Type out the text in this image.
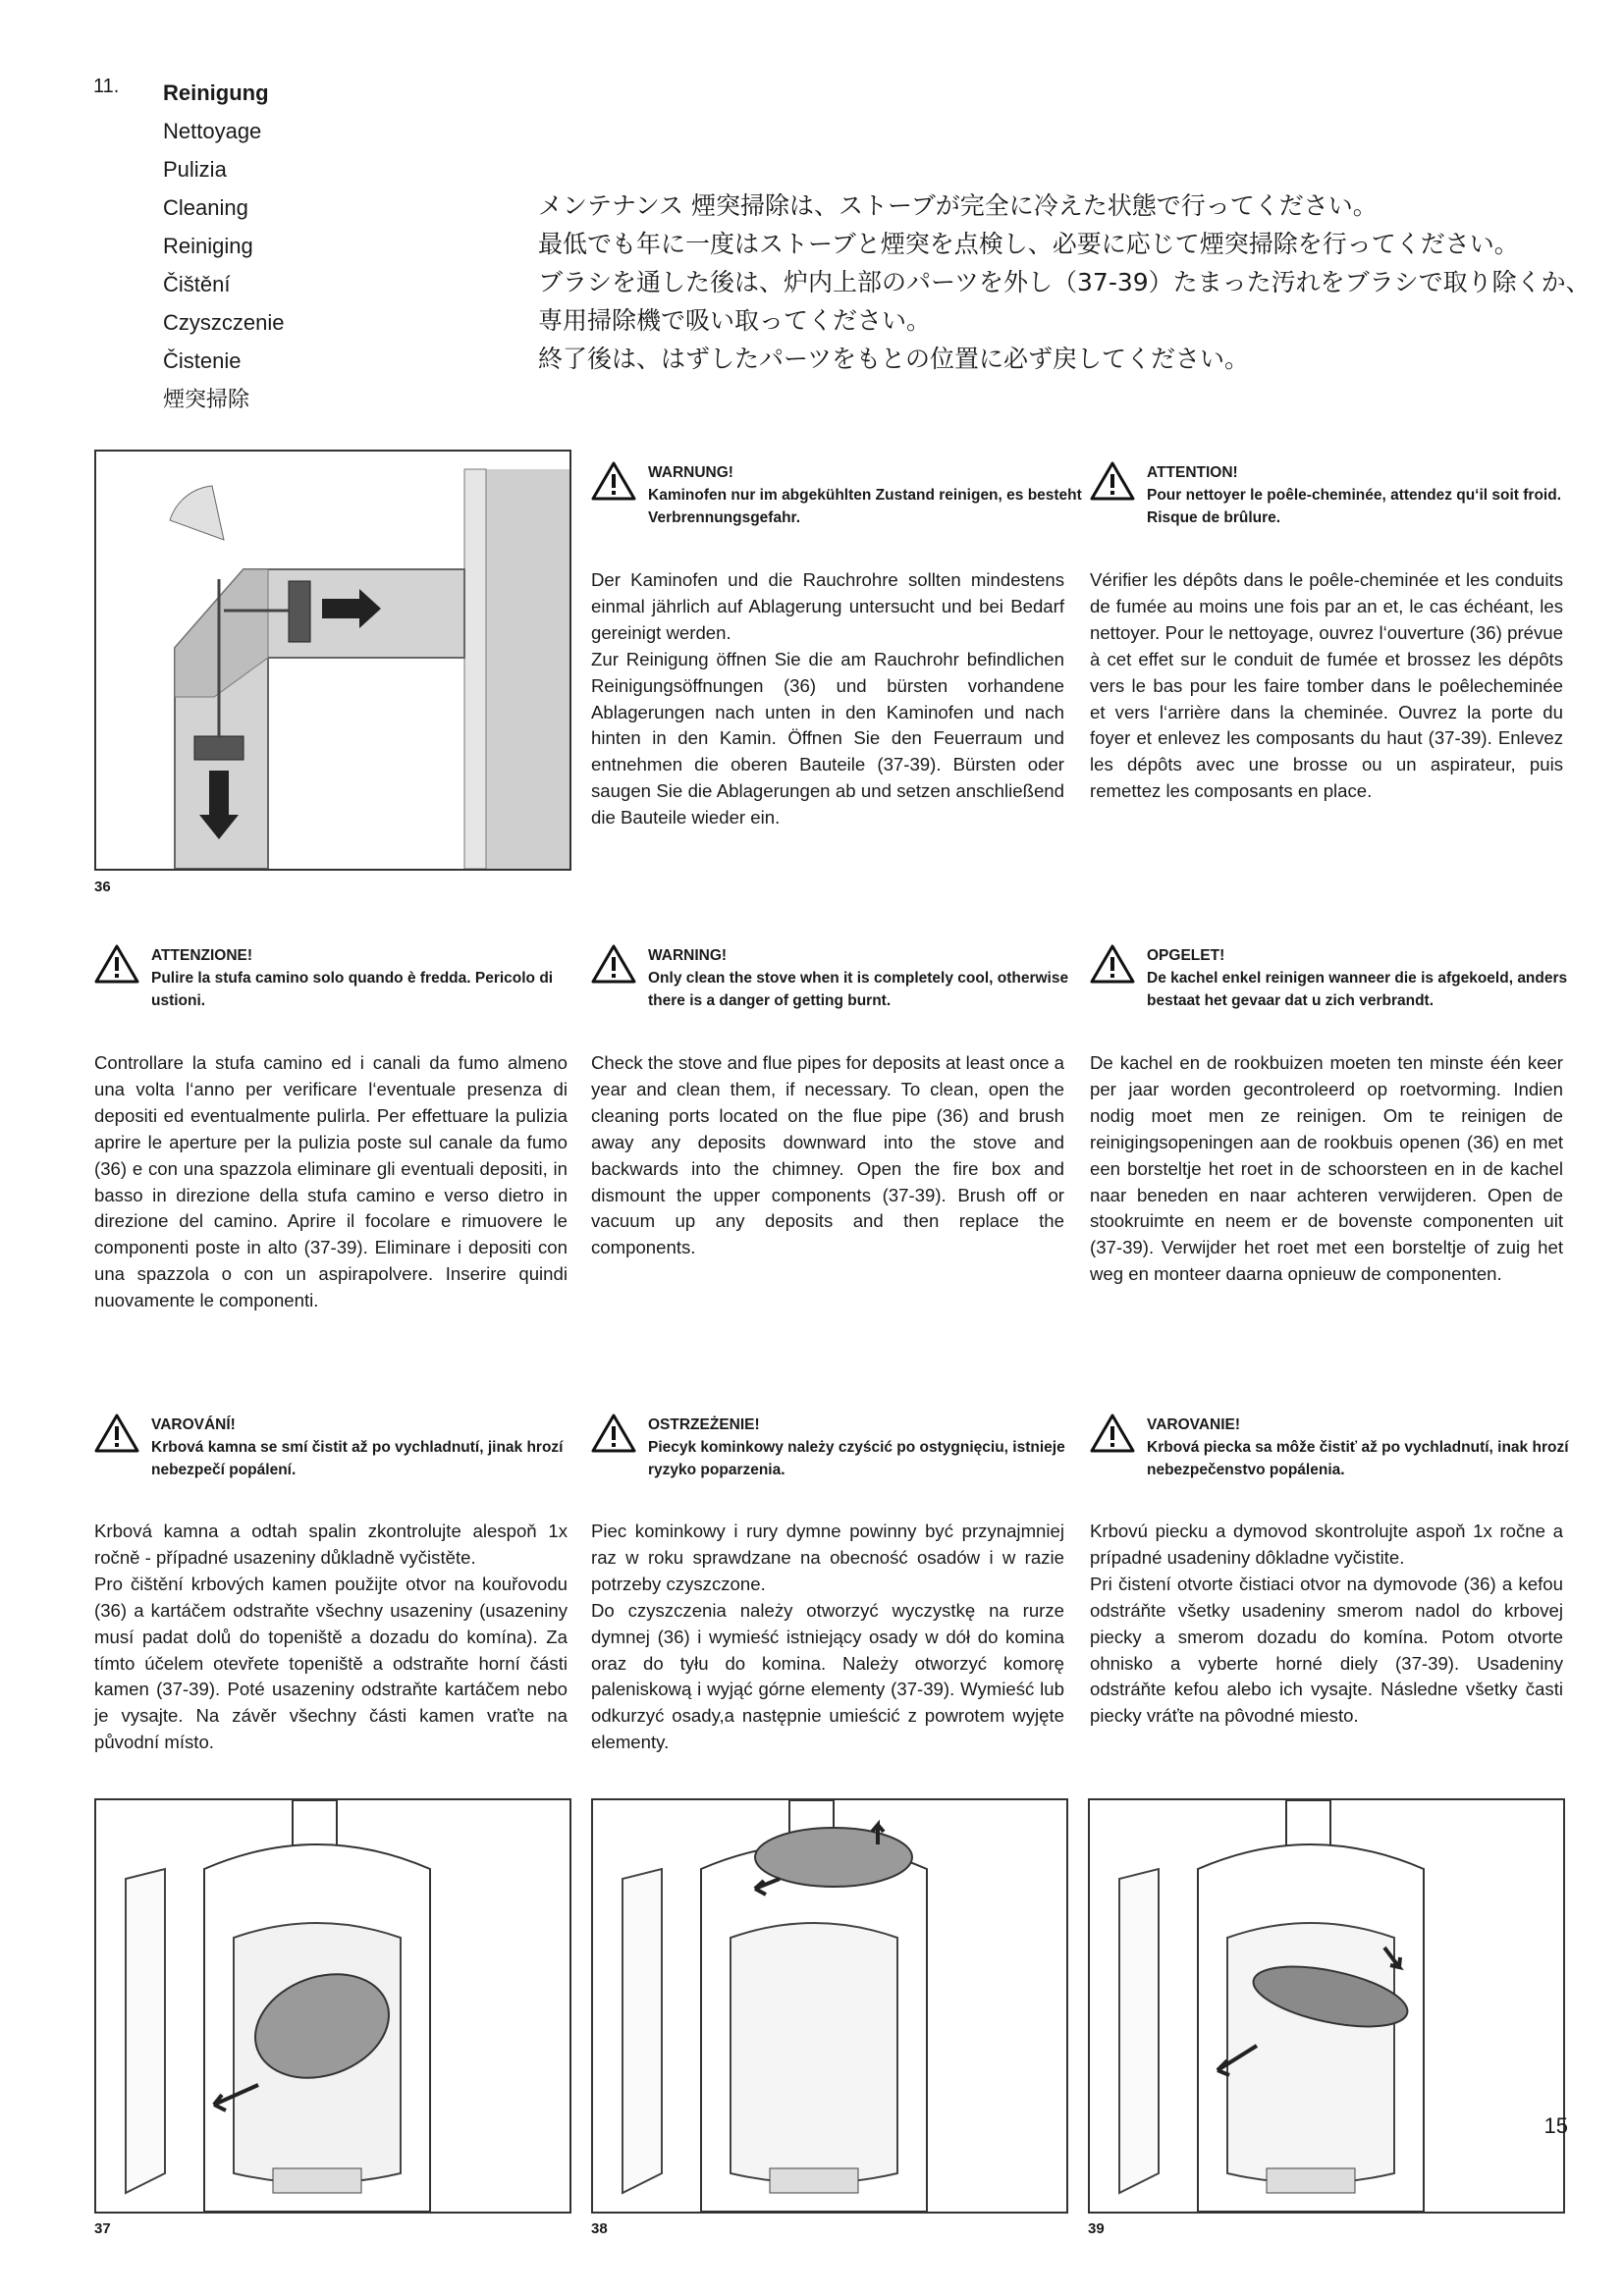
11. Reinigung
Nettoyage
Pulizia
Cleaning
Reiniging
Čištění
Czyszczenie
Čistenie
煙突掃除
メンテナンス 煙突掃除は、ストーブが完全に冷えた状態で行ってください。
最低でも年に一度はストーブと煙突を点検し、必要に応じて煙突掃除を行ってください。
ブラシを通した後は、炉内上部のパーツを外し（37-39）たまった汚れをブラシで取り除くか、
専用掃除機で吸い取ってください。
終了後は、はずしたパーツをもとの位置に必ず戻してください。
36
WARNUNG!
Kaminofen nur im abgekühlten Zustand reinigen, es besteht Verbrennungsgefahr.

Der Kaminofen und die Rauchrohre sollten mindestens einmal jährlich auf Ablagerung untersucht und bei Bedarf gereinigt werden.

Zur Reinigung öffnen Sie die am Rauchrohr befindlichen Reinigungsöffnungen (36) und bürsten vorhandene Ablagerungen nach unten in den Kaminofen und nach hinten in den Kamin. Öffnen Sie den Feuerraum und entnehmen die oberen Bauteile (37-39). Bürsten oder saugen Sie die Ablagerungen ab und setzen anschließend die Bauteile wieder ein.

ATTENTION!
Pour nettoyer le poêle-cheminée, attendez qu‘il soit froid. Risque de brûlure.

Vérifier les dépôts dans le poêle-cheminée et les conduits de fumée au moins une fois par an et, le cas échéant, les nettoyer. Pour le nettoyage, ouvrez l‘ouverture (36) prévue à cet effet sur le conduit de fumée et brossez les dépôts vers le bas pour les faire tomber dans le poêlecheminée et vers l‘arrière dans la cheminée. Ouvrez la porte du foyer et enlevez les composants du haut (37-39). Enlevez les dépôts avec une brosse ou un aspirateur, puis remettez les composants en place.

ATTENZIONE!
Pulire la stufa camino solo quando è fredda. Pericolo di ustioni.

Controllare la stufa camino ed i canali da fumo almeno una volta l‘anno per verificare l‘eventuale presenza di depositi ed eventualmente pulirla. Per effettuare la pulizia aprire le aperture per la pulizia poste sul canale da fumo (36) e con una spazzola eliminare gli eventuali depositi, in basso in direzione della stufa camino e verso dietro in direzione del camino. Aprire il focolare e rimuovere le componenti poste in alto (37-39). Eliminare i depositi con una spazzola o con un aspirapolvere. Inserire quindi nuovamente le componenti.

WARNING!
Only clean the stove when it is completely cool, otherwise there is a danger of getting burnt.

Check the stove and flue pipes for deposits at least once a year and clean them, if necessary. To clean, open the cleaning ports located on the flue pipe (36) and brush away any deposits downward into the stove and backwards into the chimney. Open the fire box and dismount the upper components (37-39). Brush off or vacuum up any deposits and then replace the components.

OPGELET!
De kachel enkel reinigen wanneer die is afgekoeld, anders bestaat het gevaar dat u zich verbrandt.

De kachel en de rookbuizen moeten ten minste één keer per jaar worden gecontroleerd op roetvorming. Indien nodig moet men ze reinigen. Om te reinigen de reinigingsopeningen aan de rookbuis openen (36) en met een borsteltje het roet in de schoorsteen en in de kachel naar beneden en naar achteren verwijderen. Open de stookruimte en neem er de bovenste componenten uit (37-39). Verwijder het roet met een borsteltje of zuig het weg en monteer daarna opnieuw de componenten.

VAROVÁNÍ!
Krbová kamna se smí čistit až po vychladnutí, jinak hrozí nebezpečí popálení.

Krbová kamna a odtah spalin zkontrolujte alespoň 1x ročně - případné usazeniny důkladně vyčistěte.

Pro čištění krbových kamen použijte otvor na kouřovodu (36) a kartáčem odstraňte všechny usazeniny (usazeniny musí padat dolů do topeniště a dozadu do komína). Za tímto účelem otevřete topeniště a odstraňte horní části kamen (37-39). Poté usazeniny odstraňte kartáčem nebo je vysajte. Na závěr všechny části kamen vraťte na původní místo.

OSTRZEŻENIE!
Piecyk kominkowy należy czyścić po ostygnięciu, istnieje ryzyko poparzenia.

Piec kominkowy i rury dymne powinny być przynajmniej raz w roku sprawdzane na obecność osadów i w razie potrzeby czyszczone.

Do czyszczenia należy otworzyć wyczystkę na rurze dymnej (36) i wymieść istniejący osady w dół do komina oraz do tyłu do komina. Należy otworzyć komorę paleniskową i wyjąć górne elementy (37-39). Wymieść lub odkurzyć osady,a następnie umieścić z powrotem wyjęte elementy.

VAROVANIE!
Krbová piecka sa môže čistiť až po vychladnutí, inak hrozí nebezpečenstvo popálenia.

Krbovú piecku a dymovod skontrolujte aspoň 1x ročne a prípadné usadeniny dôkladne vyčistite.

Pri čistení otvorte čistiaci otvor na dymovode (36) a kefou odstráňte všetky usadeniny smerom nadol do krbovej piecky a smerom dozadu do komína. Potom otvorte ohnisko a vyberte horné diely (37-39). Usadeniny odstráňte kefou alebo ich vysajte. Následne všetky časti piecky vráťte na pôvodné miesto.

37	38	39
15
